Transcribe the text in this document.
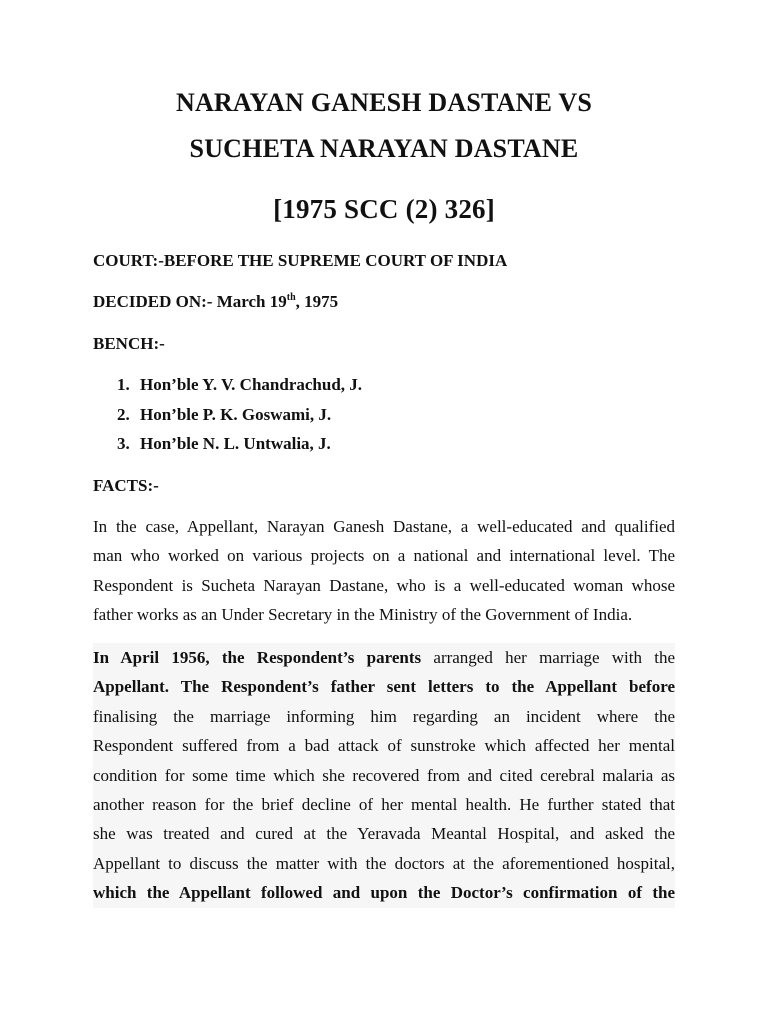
NARAYAN GANESH DASTANE VS
SUCHETA NARAYAN DASTANE
[1975 SCC (2) 326]

COURT:-BEFORE THE SUPREME COURT OF INDIA

DECIDED ON:- March 19th, 1975

BENCH:-

1. Hon’ble Y. V. Chandrachud, J.
2. Hon’ble P. K. Goswami, J.
3. Hon’ble N. L. Untwalia, J.

FACTS:-

In the case, Appellant, Narayan Ganesh Dastane, a well-educated and qualified
man who worked on various projects on a national and international level. The
Respondent is Sucheta Narayan Dastane, who is a well-educated woman whose
father works as an Under Secretary in the Ministry of the Government of India.
In April 1956, the Respondent’s parents arranged her marriage with the
Appellant. The Respondent’s father sent letters to the Appellant before
finalising the marriage informing him regarding an incident where the
Respondent suffered from a bad attack of sunstroke which affected her mental
condition for some time which she recovered from and cited cerebral malaria as
another reason for the brief decline of her mental health. He further stated that
she was treated and cured at the Yeravada Meantal Hospital, and asked the
Appellant to discuss the matter with the doctors at the aforementioned hospital,
which the Appellant followed and upon the Doctor’s confirmation of the
